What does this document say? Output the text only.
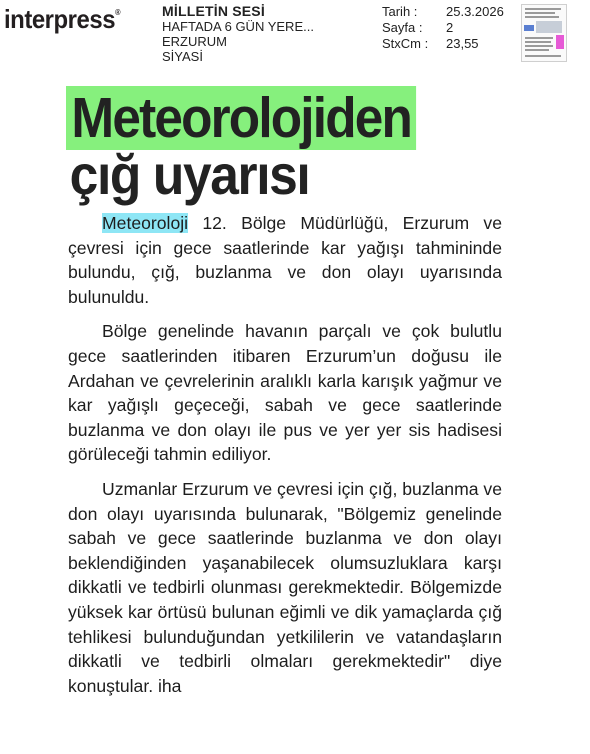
interpress®	MİLLETİN SESİ
HAFTADA 6 GÜN YERE...
ERZURUM
SİYASİ
Tarih :	25.3.2026
Sayfa :	2
StxCm :	23,55
Meteorolojiden
çığ uyarısı

Meteoroloji 12. Bölge Müdürlüğü, Erzurum ve çevresi için gece saatlerinde kar yağışı tahmininde bulundu, çığ, buzlanma ve don olayı uyarısında bulunuldu.

Bölge genelinde havanın parçalı ve çok bulutlu gece saatlerinden itibaren Erzurum’un doğusu ile Ardahan ve çevrelerinin aralıklı karla karışık yağmur ve kar yağışlı geçeceği, sabah ve gece saatlerinde buzlanma ve don olayı ile pus ve yer yer sis hadisesi görüleceği tahmin ediliyor.

Uzmanlar Erzurum ve çevresi için çığ, buzlanma ve don olayı uyarısında bulunarak, "Bölgemiz genelinde sabah ve gece saatlerinde buzlanma ve don olayı beklendiğinden yaşanabilecek olumsuzluklara karşı dikkatli ve tedbirli olunması gerekmektedir. Bölgemizde yüksek kar örtüsü bulunan eğimli ve dik yamaçlarda çığ tehlikesi bulunduğundan yetkililerin ve vatandaşların dikkatli ve tedbirli olmaları gerekmektedir" diye konuştular. iha
